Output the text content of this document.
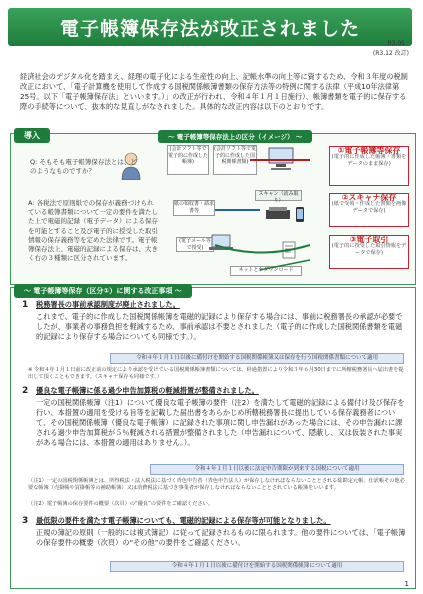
電子帳簿保存法が改正されました
R3.05
(R3.12 改訂)
経済社会のデジタル化を踏まえ、経理の電子化による生産性の向上、記帳水準の向上等に資するため、令和３年度の税制改正において、「電子計算機を使用して作成する国税関係帳簿書類の保存方法等の特例に関する法律（平成10年法律第25号。以下「電子帳簿保存法」といいます。）」の改正が行われ、令和４年１月１日施行）、帳簿書類を電子的に保存する際の手続等について、抜本的な見直しがなされました。具体的な改正内容は以下のとおりです。
導入	～ 電子帳簿等保存法上の区分（イメージ） ～
Q: そもそも電子帳簿保存法とは、どのようなものですか？
A: 各税法で原則紙での保存が義務づけられている帳簿書類について一定の要件を満たした上で電磁的記録（電子データ）による保存を可能とすること及び電子的に授受した取引情報の保存義務等を定めた法律です。電子帳簿保存法上、電磁的記録による保存は、大きく右の３種類に区分されています。
(会計ソフト等で電子的に作成した帳簿)
(会計ソフト等で電子的に作成した国税関係書類)
スキャン（読み取り）
紙の領収書・請求書等
(電子メール等で授受)
ネットとかダウンロード
①電子帳簿等保存
(電子的に作成した帳簿・書類をデータのまま保存)
②スキャナ保存
(紙で受領・作成した書類を画像データで保存)
③電子取引
(電子的に授受した取引情報をデータで保存)
～ 電子帳簿等保存（区分①）に関する改正事項 ～
1 税務署長の事前承認制度が廃止されました。
これまで、電子的に作成した国税関係帳簿を電磁的記録により保存する場合には、事前に税務署長の承認が必要でしたが、事業者の事務負担を軽減するため、事前承認は不要とされました（電子的に作成した国税関係書類を電磁的記録により保存する場合についても同様です。）。
令和４年１月１日以後に備付けを開始する国税関係帳簿又は保存を行う国税関係書類について適用
※ 令和４年１月１日前に改正前の規定により承認を受けている国税関係帳簿書類については、経過措置により令和３年６月30日までに所轄税務署長へ届出書を提出して頂くこともできます。（スキャナ保存も同様です。）
2 優良な電子帳簿に係る過少申告加算税の軽減措置が整備されました。
一定の国税関係帳簿（注1）について優良な電子帳簿の要件（注2）を満たして電磁的記録による備付け及び保存を行い、本措置の適用を受ける旨等を記載した届出書をあらかじめ所轄税務署長に提出している保存義務者について、その国税関係帳簿（優良な電子帳簿）に記録された事項に関し申告漏れがあった場合には、その申告漏れに課される過少申告加算税が５％軽減される措置が整備されました（申告漏れについて、隠蔽し、又は仮装された事実がある場合には、本措置の適用はありません。）。
令和４年１月１日以後に法定申告期限が到来する国税について適用
（注1）一定の国税関係帳簿とは、所得税法・法人税法に基づく青色申告者（青色申告法人）が保存しなければならないこととされる総勘定元帳、仕訳帳その他必要な帳簿（売掛帳や買掛帳等の補助帳簿）又は消費税法に基づき事業者が保存しなければならないこととされている帳簿をいいます。
（注2）電子帳簿の保存要件の概要（次頁）の“優良”の要件をご確認ください。
3 最低限の要件を満たす電子帳簿についても、電磁的記録による保存等が可能となりました。
正規の簿記の原則（一般的には複式簿記）に従って記録されるものに限られます。他の要件については、「電子帳簿の保存要件の概要（次頁）の“その他”の要件をご確認ください。
令和４年１月１日以後に備付けを開始する国税関係帳簿について適用
1
